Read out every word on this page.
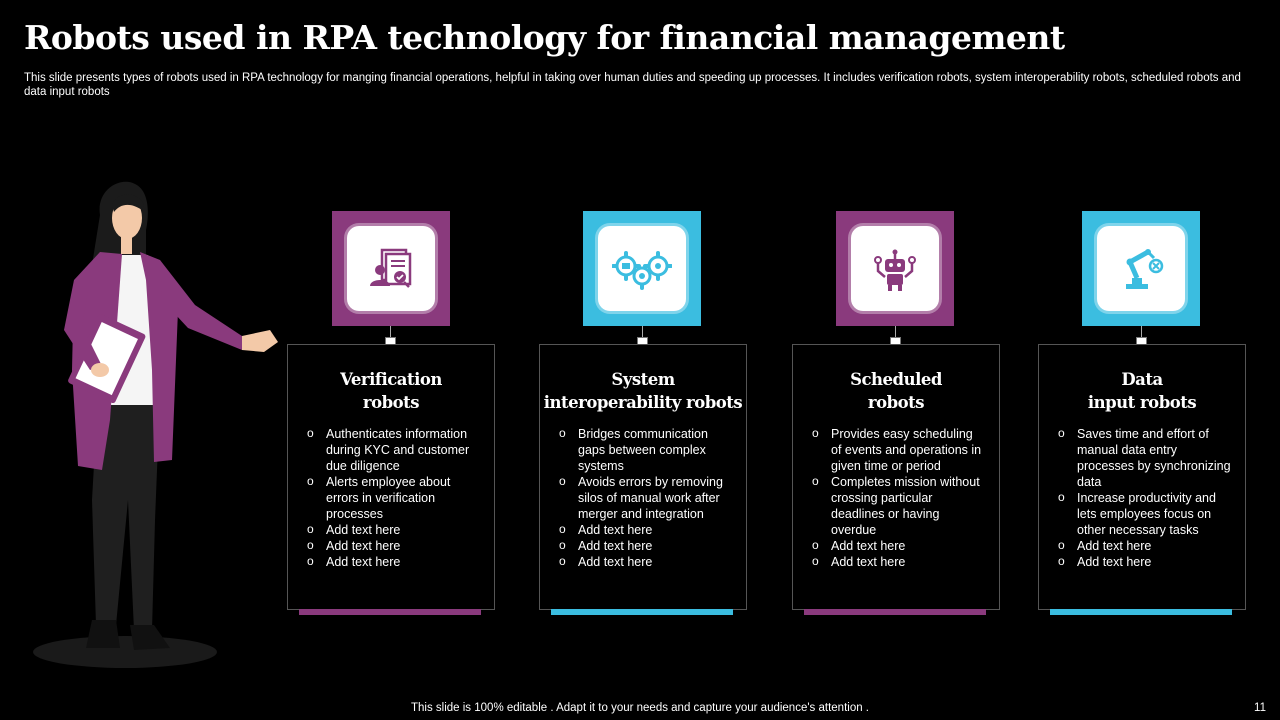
Robots used in RPA technology for financial management
This slide presents types of robots used in RPA technology for manging financial operations, helpful in taking over human duties and speeding up processes. It includes verification robots, system interoperability robots, scheduled robots and data input robots
Verification
robots
o Authenticates information during KYC and customer due diligence
o Alerts employee about errors in verification processes
o Add text here
o Add text here
o Add text here
System
interoperability robots
o Bridges communication gaps between complex systems
o Avoids errors by removing silos of manual work after merger and integration
o Add text here
o Add text here
o Add text here
Scheduled
robots
o Provides easy scheduling of events and operations in given time or period
o Completes mission without crossing particular deadlines or having overdue
o Add text here
o Add text here
Data
input robots
o Saves time and effort of manual data entry processes by synchronizing data
o Increase productivity and lets employees focus on other necessary tasks
o Add text here
o Add text here
This slide is 100% editable . Adapt it to your needs and capture your audience's attention .	11
